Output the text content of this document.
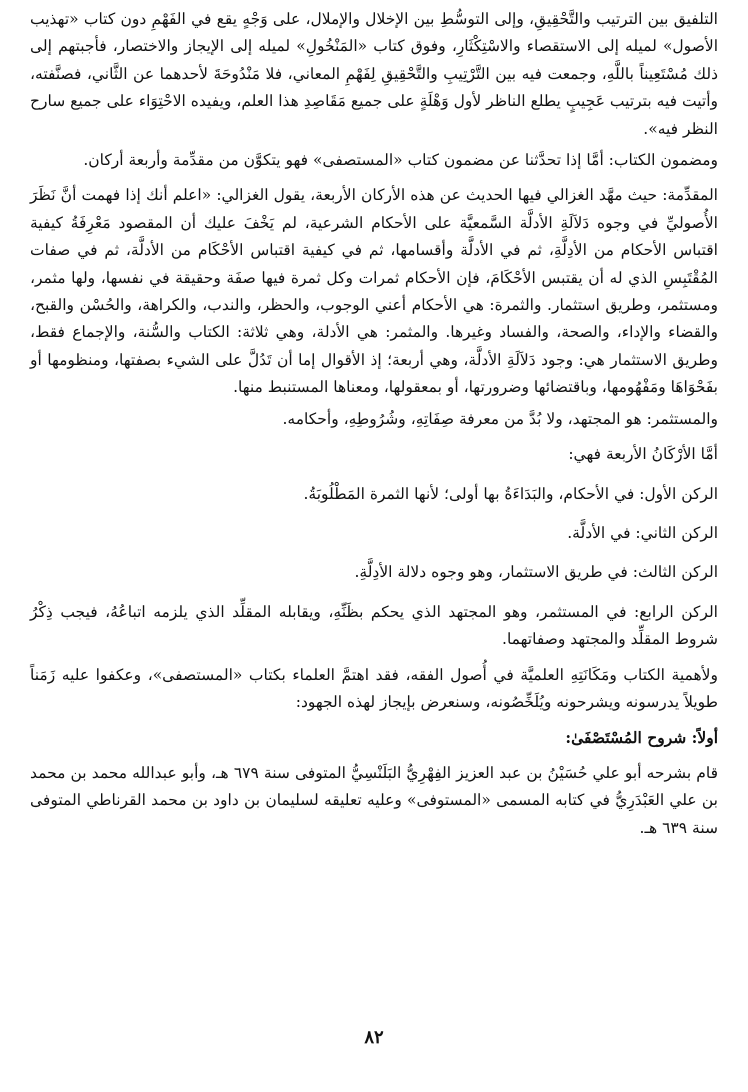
التلفيق بين الترتيب والتَّحْقِيقِ، وإلى التوسُّطِ بين الإخلال والإملال، على وَجْهٍ يقع في الفَهْمِ دون كتاب «تهذيب الأصول» لميله إلى الاستقصاء والاسْتِكْثَارِ، وفوق كتاب «المَنْخُولِ» لميله إلى الإيجاز والاختصار، فأجبتهم إلى ذلك مُسْتَعِيناً باللَّهِ، وجمعت فيه بين التَّرْتِيبِ والتَّحْقِيقِ لِفَهْمِ المعاني، فلا مَنْدُوحَةَ لأحدهما عن الثَّاني، فصنَّفته، وأتيت فيه بترتيب عَجِيبٍ يطلع الناظر لأول وَهْلَةٍ على جميع مَقَاصِدِ هذا العلم، ويفيده الاحْتِوَاء على جميع سارح النظر فيه».

ومضمون الكتاب: أمَّا إذا تحدَّثنا عن مضمون كتاب «المستصفى» فهو يتكوَّن من مقدِّمة وأربعة أركان.

المقدِّمة: حيث مهَّد الغزالي فيها الحديث عن هذه الأركان الأربعة، يقول الغزالي: «اعلم أنك إذا فهمت أنَّ نَظَرَ الأُصوليِّ في وجوه دَلاَلَةِ الأدلَّة السَّمعيَّة على الأحكام الشرعية، لم يَخْفَ عليك أن المقصود مَعْرِفَةُ كيفية اقتباس الأحكام من الأدِلَّةِ، ثم في الأدلَّة وأقسامها، ثم في كيفية اقتباس الأحْكَام من الأدلَّة، ثم في صفات المُقْتَبِسِ الذي له أن يقتبس الأحْكَامَ، فإن الأحكام ثمرات وكل ثمرة فيها صفَة وحقيقة في نفسها، ولها مثمر، ومستثمر، وطريق استثمار. والثمرة: هي الأحكام أعني الوجوب، والحظر، والندب، والكراهة، والحُسْن والقبح، والقضاء والإداء، والصحة، والفساد وغيرها. والمثمر: هي الأدلة، وهي ثلاثة: الكتاب والسُّنة، والإجماع فقط، وطريق الاستثمار هي: وجود دَلاَلَةِ الأدلَّة، وهي أربعة؛ إذ الأقوال إما أن تَدُلَّ على الشيء بصفتها، ومنظومها أو بفَحْوَاهَا ومَفْهُومها، وباقتضائها وضرورتها، أو بمعقولها، ومعناها المستنبط منها.

والمستثمر: هو المجتهد، ولا بُدَّ من معرفة صِفَاتِهِ، وشُرُوطِهِ، وأحكامه.

أمَّا الأرْكَانُ الأربعة فهي:

الركن الأول: في الأحكام، والبَدَاءَةُ بها أولى؛ لأنها الثمرة المَطْلُوبَةُ.

الركن الثاني: في الأدلَّة.

الركن الثالث: في طريق الاستثمار، وهو وجوه دلالة الأدِلَّةِ.

الركن الرابع: في المستثمر، وهو المجتهد الذي يحكم بظَنِّهِ، ويقابله المقلِّد الذي يلزمه اتباعُهُ، فيجب ذِكْرُ شروط المقلِّد والمجتهد وصفاتهما.

ولأهمية الكتاب ومَكَانَتِهِ العلميَّة في أُصول الفقه، فقد اهتمَّ العلماء بكتاب «المستصفى»، وعكفوا عليه زَمَناً طويلاً يدرسونه ويشرحونه ويُلَخِّصُونه، وسنعرض بإيجاز لهذه الجهود:

أولاً: شروح المُسْتَصْفَىٰ:

قام بشرحه أبو علي حُسَيْنُ بن عبد العزيز الفِهْرِيُّ البَلَنْسِيُّ المتوفى سنة ٦٧٩ هـ، وأبو عبدالله محمد بن محمد بن علي العَبْدَرِيُّ في كتابه المسمى «المستوفى» وعليه تعليقه لسليمان بن داود بن محمد القرناطي المتوفى سنة ٦٣٩ هـ.

٨٢
